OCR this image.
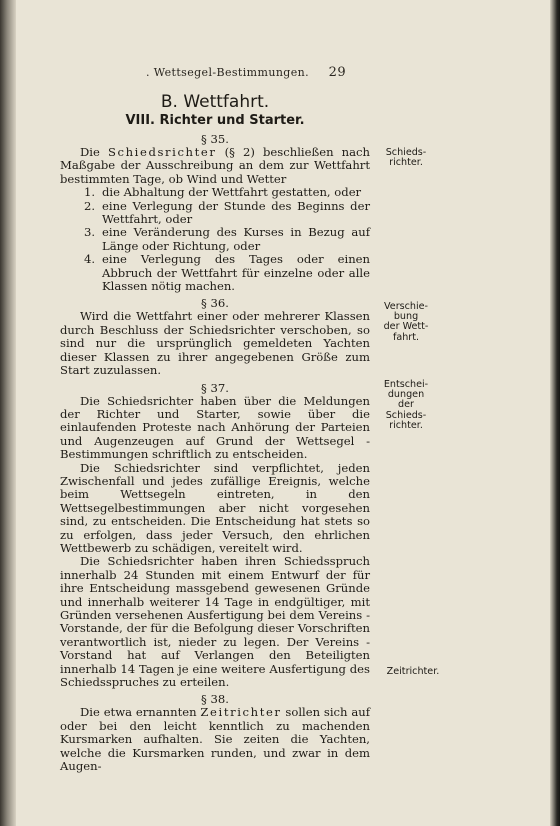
. Wettsegel-Bestimmungen. 29
B. Wettfahrt.
VIII. Richter und Starter.
§ 35.

Die Schiedsrichter (§ 2) beschließen nach Maßgabe der Ausschreibung an dem zur Wettfahrt bestimmten Tage, ob Wind und Wetter

1. die Abhaltung der Wettfahrt gestatten, oder
2. eine Verlegung der Stunde des Beginns der Wettfahrt, oder
3. eine Veränderung des Kurses in Bezug auf Länge oder Richtung, oder
4. eine Verlegung des Tages oder einen Abbruch der Wettfahrt für einzelne oder alle Klassen nötig machen.
§ 36.

Wird die Wettfahrt einer oder mehrerer Klassen durch Beschluss der Schiedsrichter verschoben, so sind nur die ursprünglich gemeldeten Yachten dieser Klassen zu ihrer angegebenen Größe zum Start zuzulassen.

§ 37.

Die Schiedsrichter haben über die Meldungen der Richter und Starter, sowie über die einlaufenden Proteste nach Anhörung der Parteien und Augenzeugen auf Grund der Wettsegel - Bestimmungen schriftlich zu entscheiden.

Die Schiedsrichter sind verpflichtet, jeden Zwischenfall und jedes zufällige Ereignis, welche beim Wettsegeln eintreten, in den Wettsegelbestimmungen aber nicht vorgesehen sind, zu entscheiden. Die Entscheidung hat stets so zu erfolgen, dass jeder Versuch, den ehrlichen Wettbewerb zu schädigen, vereitelt wird.

Die Schiedsrichter haben ihren Schiedsspruch innerhalb 24 Stunden mit einem Entwurf der für ihre Entscheidung massgebend gewesenen Gründe und innerhalb weiterer 14 Tage in endgültiger, mit Gründen versehenen Ausfertigung bei dem Vereins - Vorstande, der für die Befolgung dieser Vorschriften verantwortlich ist, nieder zu legen. Der Vereins - Vorstand hat auf Verlangen den Beteiligten innerhalb 14 Tagen je eine weitere Ausfertigung des Schiedsspruches zu erteilen.

§ 38.

Die etwa ernannten Zeitrichter sollen sich auf oder bei den leicht kenntlich zu machenden Kursmarken aufhalten. Sie zeiten die Yachten, welche die Kursmarken runden, und zwar in dem Augen-

Schieds-
richter.
Verschie-
bung
der Wett-
fahrt.
Entschei-
dungen
der
Schieds-
richter.
Zeitrichter.
